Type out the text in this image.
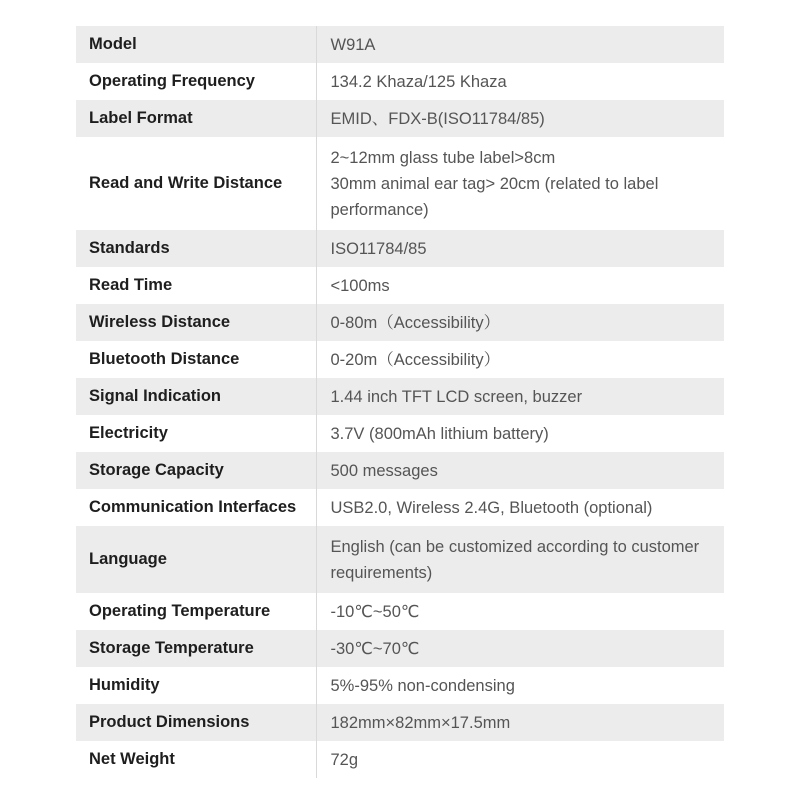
Model	W91A

Operating Frequency	134.2 Khaza/125 Khaza

Label Format	EMID、FDX-B(ISO11784/85)

Read and Write Distance	2~12mm glass tube label>8cm
30mm animal ear tag> 20cm (related to label
performance)

Standards	ISO11784/85

Read Time	<100ms

Wireless Distance	0-80m（Accessibility）

Bluetooth Distance	0-20m（Accessibility）

Signal Indication	1.44 inch TFT LCD screen, buzzer

Electricity	3.7V (800mAh lithium battery)

Storage Capacity	500 messages

Communication Interfaces	USB2.0, Wireless 2.4G, Bluetooth (optional)

Language	English (can be customized according to customer
requirements)

Operating Temperature	-10℃~50℃

Storage Temperature	-30℃~70℃

Humidity	5%-95% non-condensing

Product Dimensions	182mm×82mm×17.5mm

Net Weight	72g
